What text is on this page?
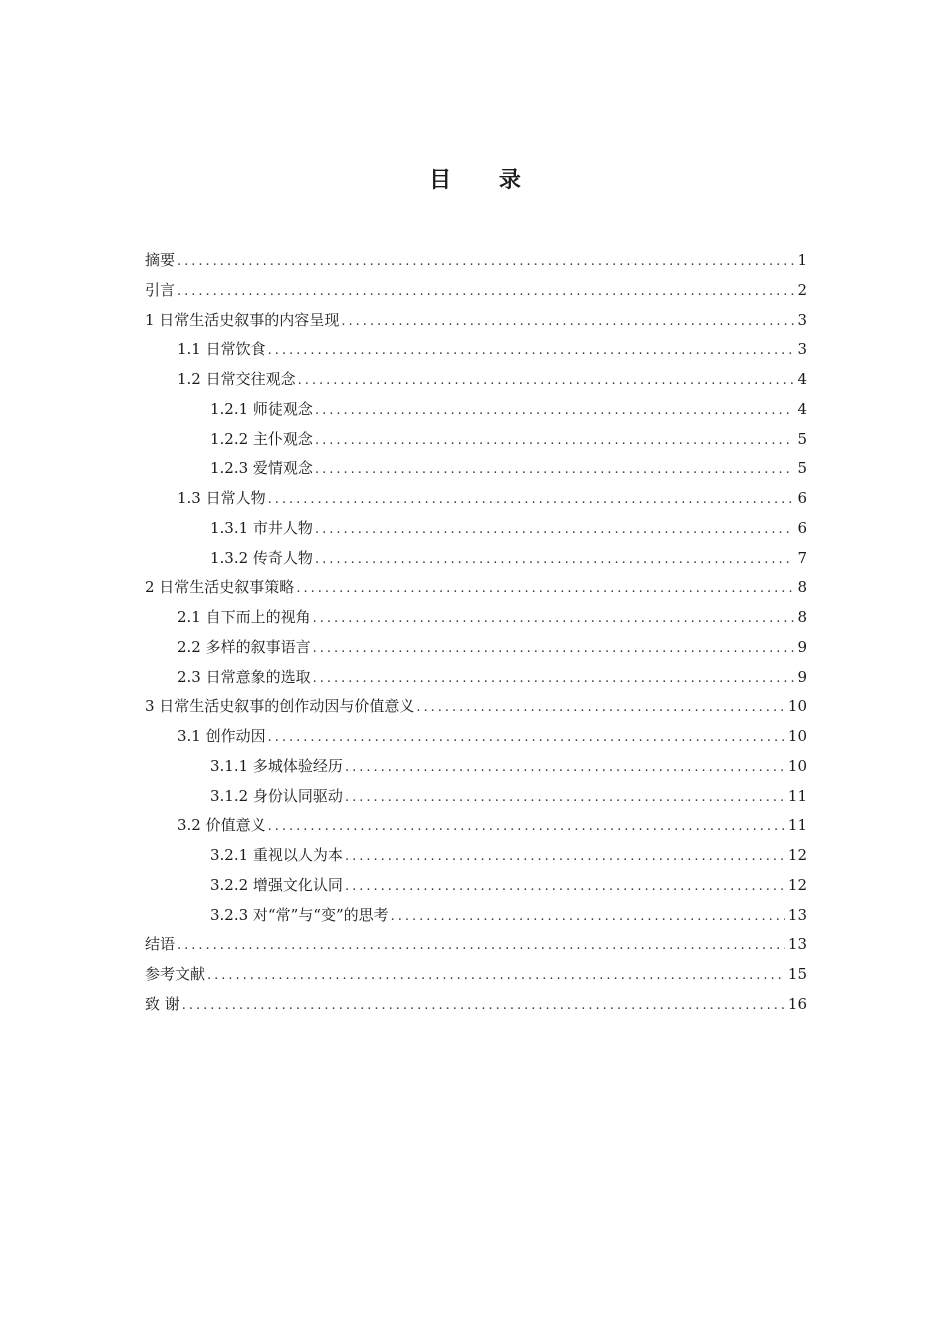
目 录
摘要 .....	1
引言 .....	2
1 日常生活史叙事的内容呈现 .....	3
1.1 日常饮食 .....	3
1.2 日常交往观念 .....	4
1.2.1 师徒观念 .....	4
1.2.2 主仆观念 .....	5
1.2.3 爱情观念 .....	5
1.3 日常人物 .....	6
1.3.1 市井人物 .....	6
1.3.2 传奇人物 .....	7
2 日常生活史叙事策略 .....	8
2.1 自下而上的视角 .....	8
2.2 多样的叙事语言 .....	9
2.3 日常意象的选取 .....	9
3 日常生活史叙事的创作动因与价值意义 .....	10
3.1 创作动因 .....	10
3.1.1 多城体验经历 .....	10
3.1.2 身份认同驱动 .....	11
3.2 价值意义 .....	11
3.2.1 重视以人为本 .....	12
3.2.2 增强文化认同 .....	12
3.2.3 对“常”与“变”的思考 .....	13
结语 .....	13
参考文献 .....	15
致 谢 .....	16
